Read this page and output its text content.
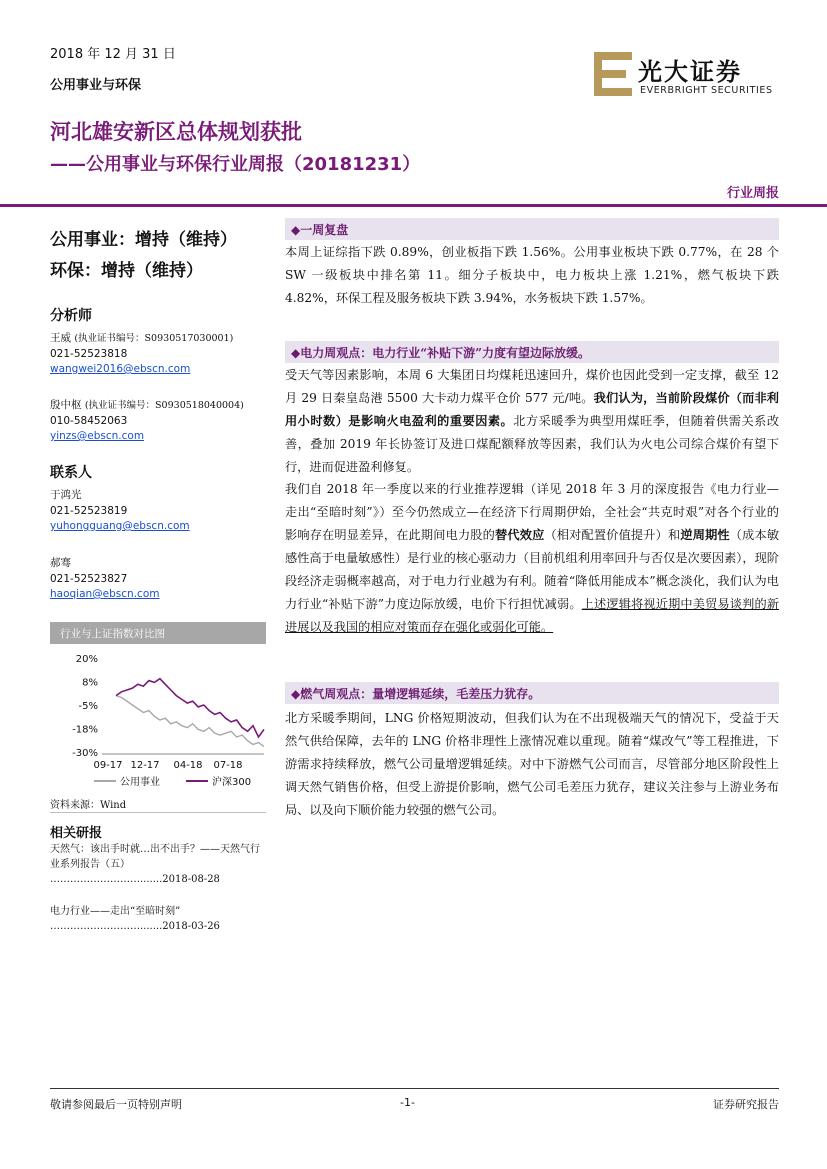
2018 年 12 月 31 日
公用事业与环保	光大证券
EVERBRIGHT SECURITIES
河北雄安新区总体规划获批
——公用事业与环保行业周报（20181231）
行业周报
公用事业：增持（维持）
环保：增持（维持）
分析师
王威 (执业证书编号：S0930517030001)
021-52523818
wangwei2016@ebscn.com
殷中枢 (执业证书编号：S0930518040004)
010-58452063
yinzs@ebscn.com
联系人
于鸿光
021-52523819
yuhongguang@ebscn.com
郝骞
021-52523827
haoqian@ebscn.com
行业与上证指数对比图
20%
8%
-5%
-18%
-30%
09-17 12-17 04-18 07-18
公用事业	沪深300
资料来源：Wind
相关研报
天然气：该出手时就…出不出手？——天然气行业系列报告（五）
……………………….......2018-08-28
电力行业——走出“至暗时刻”
……………………….......2018-03-26
◆一周复盘
本周上证综指下跌 0.89%，创业板指下跌 1.56%。公用事业板块下跌 0.77%，在 28 个 SW 一级板块中排名第 11。细分子板块中，电力板块上涨 1.21%，燃气板块下跌 4.82%，环保工程及服务板块下跌 3.94%，水务板块下跌 1.57%。
◆电力周观点：电力行业“补贴下游”力度有望边际放缓。
受天气等因素影响，本周 6 大集团日均煤耗迅速回升，煤价也因此受到一定支撑，截至 12 月 29 日秦皇岛港 5500 大卡动力煤平仓价 577 元/吨。我们认为，当前阶段煤价（而非利用小时数）是影响火电盈利的重要因素。北方采暖季为典型用煤旺季，但随着供需关系改善，叠加 2019 年长协签订及进口煤配额释放等因素，我们认为火电公司综合煤价有望下行，进而促进盈利修复。
我们自 2018 年一季度以来的行业推荐逻辑（详见 2018 年 3 月的深度报告《电力行业—走出“至暗时刻”》）至今仍然成立—在经济下行周期伊始，全社会“共克时艰”对各个行业的影响存在明显差异，在此期间电力股的替代效应（相对配置价值提升）和逆周期性（成本敏感性高于电量敏感性）是行业的核心驱动力（目前机组利用率回升与否仅是次要因素），现阶段经济走弱概率越高，对于电力行业越为有利。随着“降低用能成本”概念淡化，我们认为电力行业“补贴下游”力度边际放缓，电价下行担忧减弱。上述逻辑将视近期中美贸易谈判的新进展以及我国的相应对策而存在强化或弱化可能。
◆燃气周观点：量增逻辑延续，毛差压力犹存。
北方采暖季期间，LNG 价格短期波动，但我们认为在不出现极端天气的情况下，受益于天然气供给保障，去年的 LNG 价格非理性上涨情况难以重现。随着“煤改气”等工程推进，下游需求持续释放，燃气公司量增逻辑延续。对中下游燃气公司而言，尽管部分地区阶段性上调天然气销售价格，但受上游提价影响，燃气公司毛差压力犹存，建议关注参与上游业务布局、以及向下顺价能力较强的燃气公司。
敬请参阅最后一页特别声明	-1-	证券研究报告
